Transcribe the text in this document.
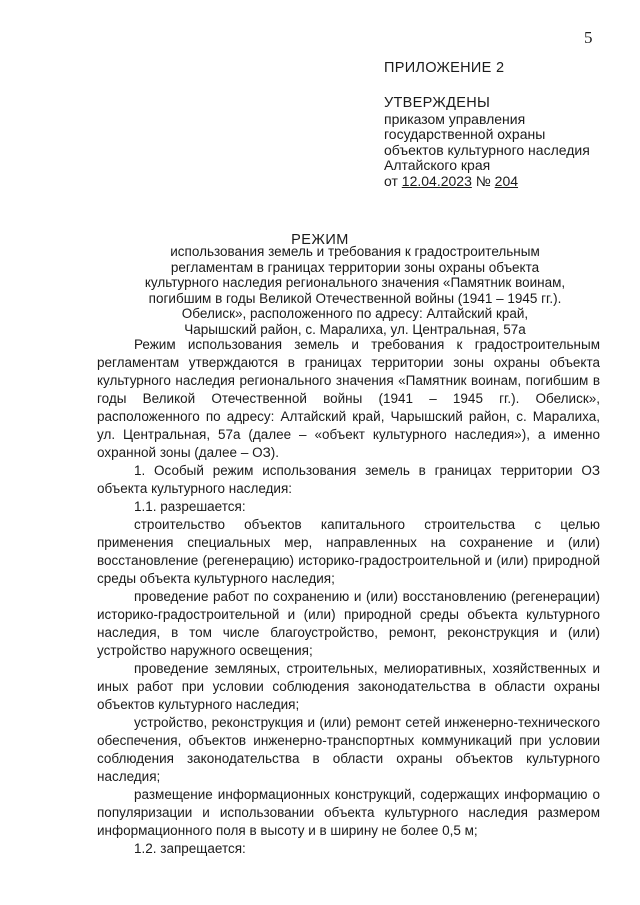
5
ПРИЛОЖЕНИЕ 2
УТВЕРЖДЕНЫ
приказом управления
государственной охраны
объектов культурного наследия
Алтайского края
от 12.04.2023 № 204
РЕЖИМ
использования земель и требования к градостроительным
регламентам в границах территории зоны охраны объекта
культурного наследия регионального значения «Памятник воинам,
погибшим в годы Великой Отечественной войны (1941 – 1945 гг.).
Обелиск», расположенного по адресу: Алтайский край,
Чарышский район, с. Маралиха, ул. Центральная, 57а

Режим использования земель и требования к градостроительным регламентам утверждаются в границах территории зоны охраны объекта культурного наследия регионального значения «Памятник воинам, погибшим в годы Великой Отечественной войны (1941 – 1945 гг.). Обелиск», расположенного по адресу: Алтайский край, Чарышский район, с. Маралиха, ул. Центральная, 57а (далее – «объект культурного наследия»), а именно охранной зоны (далее – ОЗ).

1. Особый режим использования земель в границах территории ОЗ объекта культурного наследия:

1.1. разрешается:

строительство объектов капитального строительства с целью применения специальных мер, направленных на сохранение и (или) восстановление (регенерацию) историко-градостроительной и (или) природной среды объекта культурного наследия;

проведение работ по сохранению и (или) восстановлению (регенерации) историко-градостроительной и (или) природной среды объекта культурного наследия, в том числе благоустройство, ремонт, реконструкция и (или) устройство наружного освещения;

проведение земляных, строительных, мелиоративных, хозяйственных и иных работ при условии соблюдения законодательства в области охраны объектов культурного наследия;

устройство, реконструкция и (или) ремонт сетей инженерно-технического обеспечения, объектов инженерно-транспортных коммуникаций при условии соблюдения законодательства в области охраны объектов культурного наследия;

размещение информационных конструкций, содержащих информацию о популяризации и использовании объекта культурного наследия размером информационного поля в высоту и в ширину не более 0,5 м;

1.2. запрещается:
